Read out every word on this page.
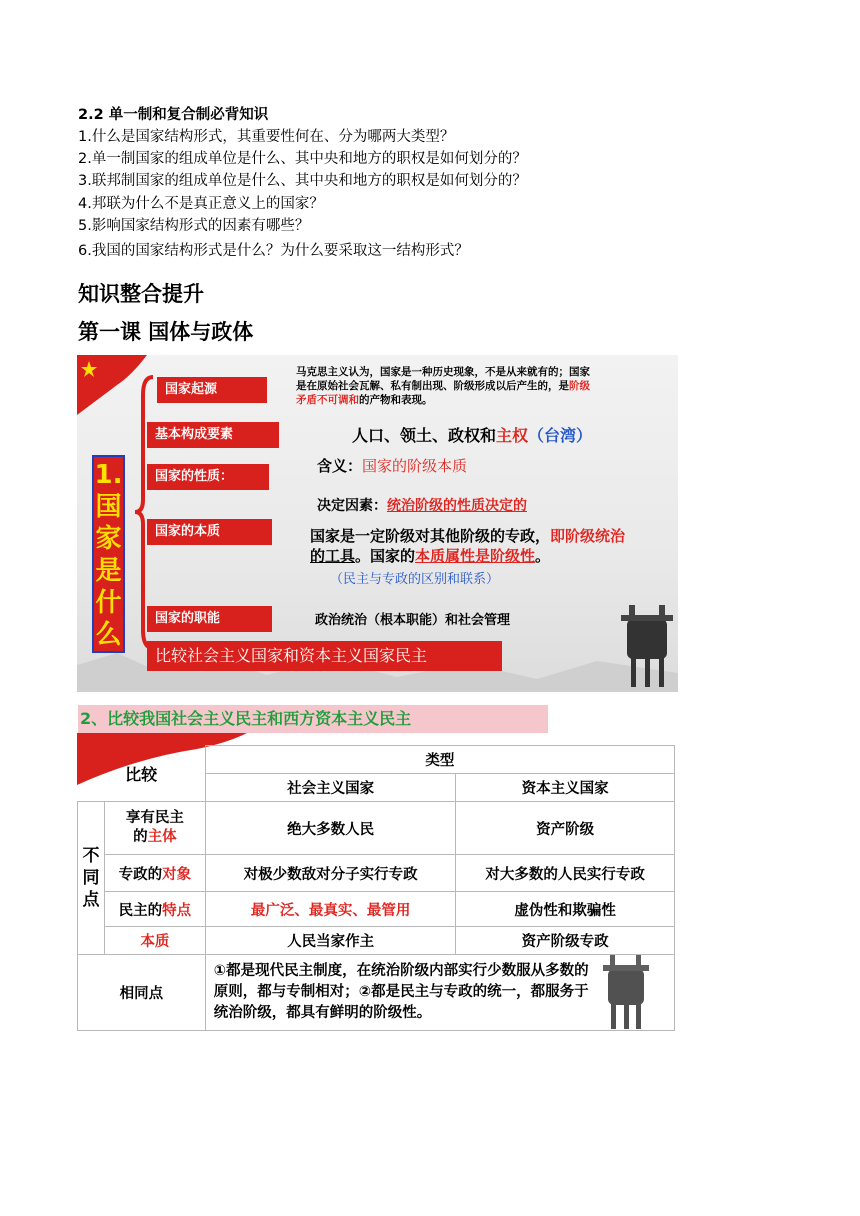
2.2 单一制和复合制必背知识
1.什么是国家结构形式，其重要性何在、分为哪两大类型？
2.单一制国家的组成单位是什么、其中央和地方的职权是如何划分的？
3.联邦制国家的组成单位是什么、其中央和地方的职权是如何划分的？
4.邦联为什么不是真正意义上的国家？
5.影响国家结构形式的因素有哪些？
6.我国的国家结构形式是什么？为什么要采取这一结构形式？
知识整合提升
第一课 国体与政体
1.
国
家
是
什
么
国家起源
基本构成要素
国家的性质：
国家的本质
国家的职能
比较社会主义国家和资本主义国家民主
马克思主义认为，国家是一种历史现象，不是从来就有的；国家
是在原始社会瓦解、私有制出现、阶级形成以后产生的，是阶级
矛盾不可调和的产物和表现。
人口、领土、政权和主权（台湾）
含义：国家的阶级本质
决定因素：统治阶级的性质决定的
国家是一定阶级对其他阶级的专政，即阶级统治
的工具。国家的本质属性是阶级性。
（民主与专政的区别和联系）
政治统治（根本职能）和社会管理
2、比较我国社会主义民主和西方资本主义民主
比较		类型	
		社会主义国家	资本主义国家
不同点	享有民主
的主体	绝大多数人民	资产阶级
	专政的对象	对极少数敌对分子实行专政	对大多数的人民实行专政
	民主的特点	最广泛、最真实、最管用	虚伪性和欺骗性
	本质	人民当家作主	资产阶级专政
相同点		①都是现代民主制度，在统治阶级内部实行少数服从多数的
原则，都与专制相对；②都是民主与专政的统一，都服务于
统治阶级，都具有鲜明的阶级性。	
